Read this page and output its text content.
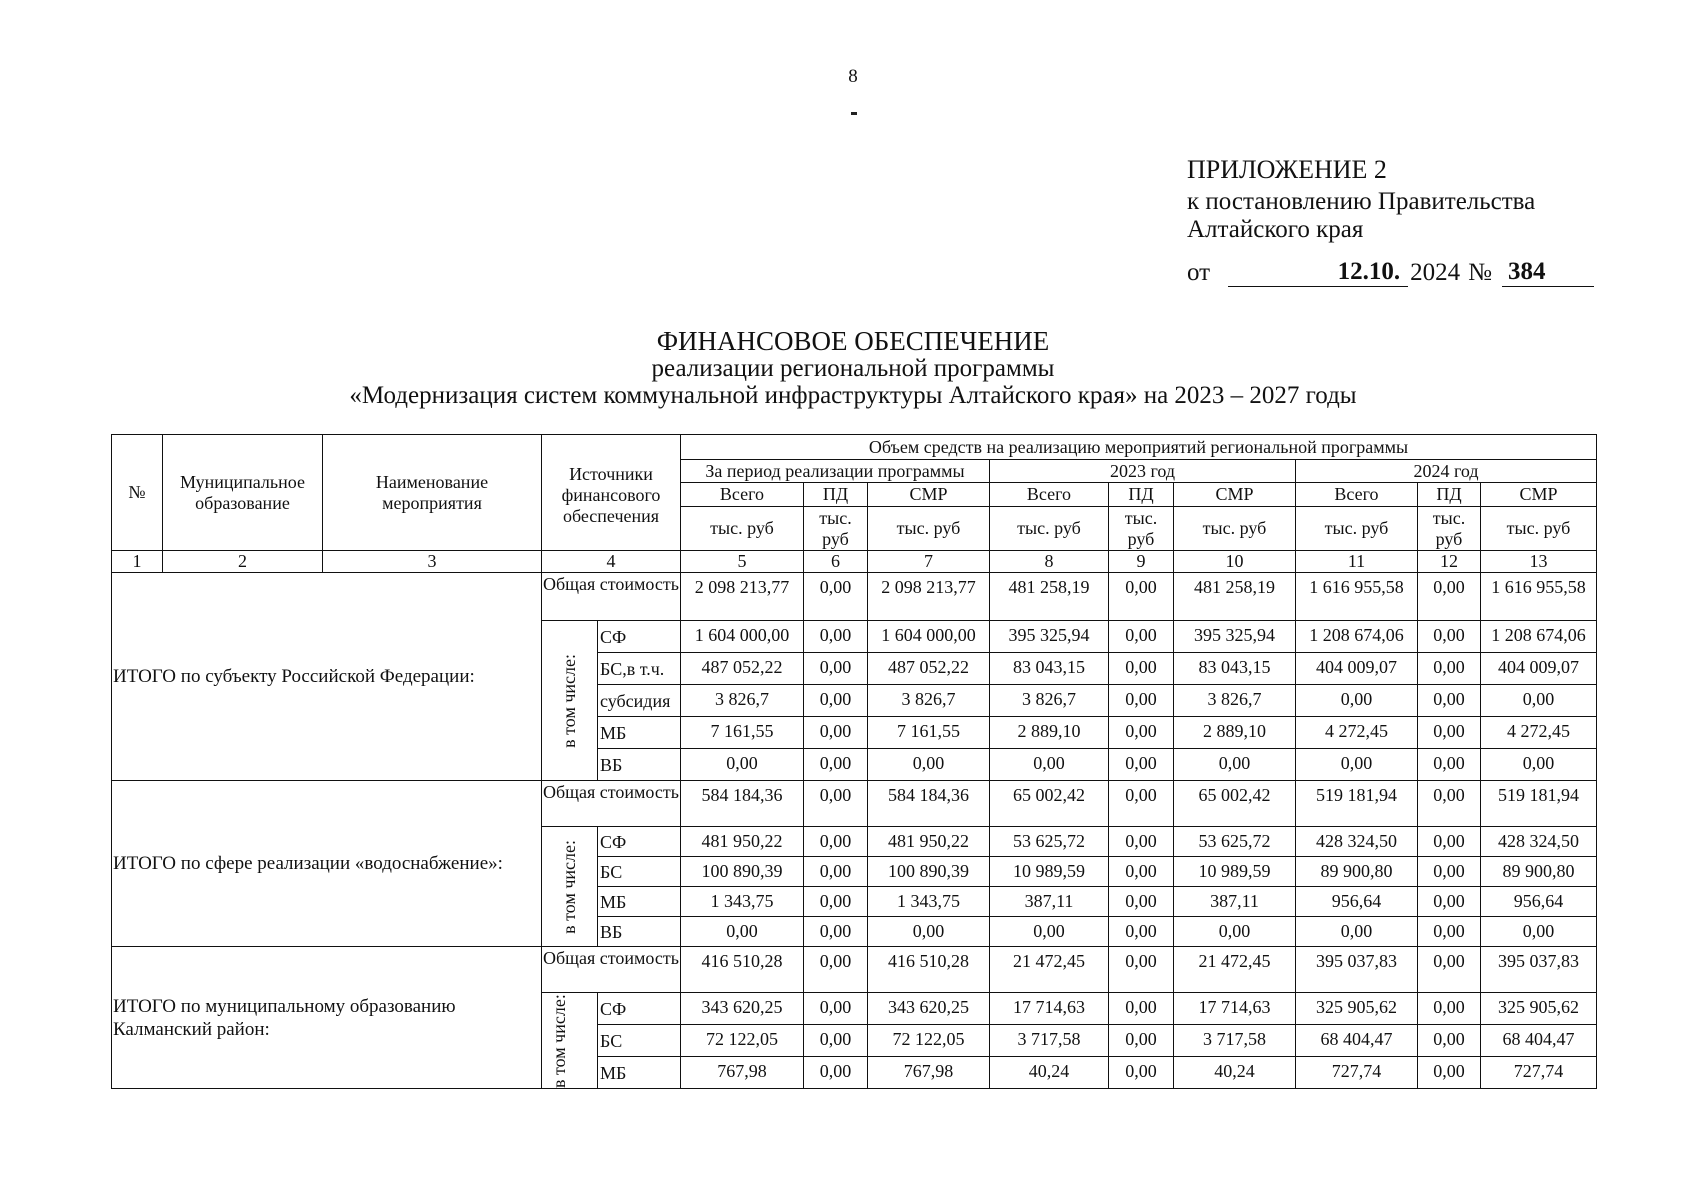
8
ПРИЛОЖЕНИЕ 2
к постановлению Правительства
Алтайского края
от	12.10. 2024 № 384
ФИНАНСОВОЕ ОБЕСПЕЧЕНИЕ
реализации региональной программы
«Модернизация систем коммунальной инфраструктуры Алтайского края» на 2023 – 2027 годы
№	Муниципальное образование	Наименование мероприятия	Источники финансового обеспечения		Объем средств на реализацию мероприятий региональной программы								
					За период реализации программы			2023 год			2024 год		
					Всего	ПД	СМР	Всего	ПД	СМР	Всего	ПД	СМР
					тыс. руб	тыс. руб	тыс. руб	тыс. руб	тыс. руб	тыс. руб	тыс. руб	тыс. руб	тыс. руб
1	2	3	4		5	6	7	8	9	10	11	12	13
ИТОГО по субъекту Российской Федерации:			Общая стоимость		2 098 213,77	0,00	2 098 213,77	481 258,19	0,00	481 258,19	1 616 955,58	0,00	1 616 955,58

			в том числе:	СФ	1 604 000,00	0,00	1 604 000,00	395 325,94	0,00	395 325,94	1 208 674,06	0,00	1 208 674,06
				БС,в т.ч.	487 052,22	0,00	487 052,22	83 043,15	0,00	83 043,15	404 009,07	0,00	404 009,07
				субсидия	3 826,7	0,00	3 826,7	3 826,7	0,00	3 826,7	0,00	0,00	0,00
				МБ	7 161,55	0,00	7 161,55	2 889,10	0,00	2 889,10	4 272,45	0,00	4 272,45
				ВБ	0,00	0,00	0,00	0,00	0,00	0,00	0,00	0,00	0,00
ИТОГО по сфере реализации «водоснабжение»:			Общая стоимость		584 184,36	0,00	584 184,36	65 002,42	0,00	65 002,42	519 181,94	0,00	519 181,94

			в том числе:	СФ	481 950,22	0,00	481 950,22	53 625,72	0,00	53 625,72	428 324,50	0,00	428 324,50
				БС	100 890,39	0,00	100 890,39	10 989,59	0,00	10 989,59	89 900,80	0,00	89 900,80
				МБ	1 343,75	0,00	1 343,75	387,11	0,00	387,11	956,64	0,00	956,64
				ВБ	0,00	0,00	0,00	0,00	0,00	0,00	0,00	0,00	0,00
ИТОГО по муниципальному образованию Калманский район:			Общая стоимость		416 510,28	0,00	416 510,28	21 472,45	0,00	21 472,45	395 037,83	0,00	395 037,83

			в том числе:	СФ	343 620,25	0,00	343 620,25	17 714,63	0,00	17 714,63	325 905,62	0,00	325 905,62
				БС	72 122,05	0,00	72 122,05	3 717,58	0,00	3 717,58	68 404,47	0,00	68 404,47
				МБ	767,98	0,00	767,98	40,24	0,00	40,24	727,74	0,00	727,74
